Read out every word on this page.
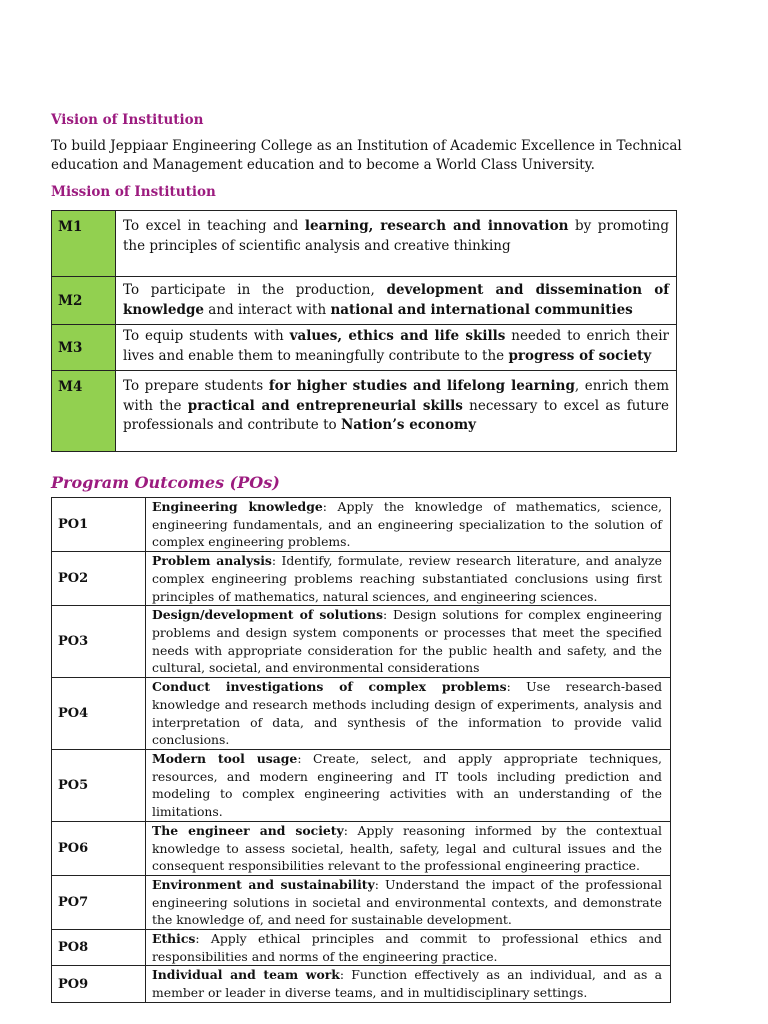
Vision of Institution

To build Jeppiaar Engineering College as an Institution of Academic Excellence in Technical education and Management education and to become a World Class University.

Mission of Institution
M1	To excel in teaching and learning, research and innovation by promoting the principles of scientific analysis and creative thinking
M2	To participate in the production, development and dissemination of knowledge and interact with national and international communities
M3	To equip students with values, ethics and life skills needed to enrich their lives and enable them to meaningfully contribute to the progress of society
M4	To prepare students for higher studies and lifelong learning, enrich them with the practical and entrepreneurial skills necessary to excel as future professionals and contribute to Nation’s economy
Program Outcomes (POs)
PO1	Engineering knowledge: Apply the knowledge of mathematics, science, engineering fundamentals, and an engineering specialization to the solution of complex engineering problems.
PO2	Problem analysis: Identify, formulate, review research literature, and analyze complex engineering problems reaching substantiated conclusions using first principles of mathematics, natural sciences, and engineering sciences.
PO3	Design/development of solutions: Design solutions for complex engineering problems and design system components or processes that meet the specified needs with appropriate consideration for the public health and safety, and the cultural, societal, and environmental considerations
PO4	Conduct investigations of complex problems: Use research-based knowledge and research methods including design of experiments, analysis and interpretation of data, and synthesis of the information to provide valid conclusions.
PO5	Modern tool usage: Create, select, and apply appropriate techniques, resources, and modern engineering and IT tools including prediction and modeling to complex engineering activities with an understanding of the limitations.
PO6	The engineer and society: Apply reasoning informed by the contextual knowledge to assess societal, health, safety, legal and cultural issues and the consequent responsibilities relevant to the professional engineering practice.
PO7	Environment and sustainability: Understand the impact of the professional engineering solutions in societal and environmental contexts, and demonstrate the knowledge of, and need for sustainable development.
PO8	Ethics: Apply ethical principles and commit to professional ethics and responsibilities and norms of the engineering practice.
PO9	Individual and team work: Function effectively as an individual, and as a member or leader in diverse teams, and in multidisciplinary settings.
